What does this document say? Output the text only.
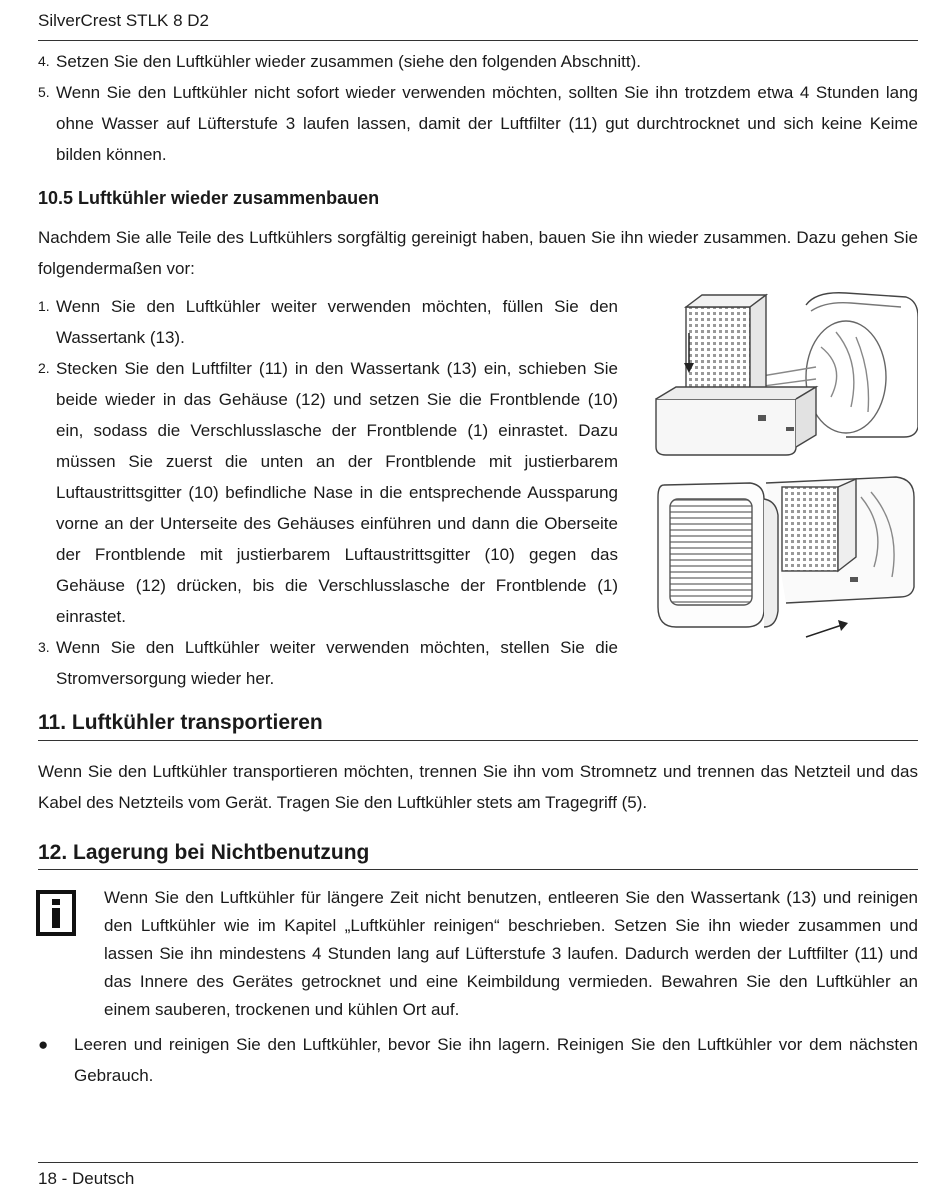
SilverCrest STLK 8 D2
4. Setzen Sie den Luftkühler wieder zusammen (siehe den folgenden Abschnitt).
5. Wenn Sie den Luftkühler nicht sofort wieder verwenden möchten, sollten Sie ihn trotzdem etwa 4 Stunden lang ohne Wasser auf Lüfterstufe 3 laufen lassen, damit der Luftfilter (11) gut durchtrocknet und sich keine Keime bilden können.
10.5 Luftkühler wieder zusammenbauen

Nachdem Sie alle Teile des Luftkühlers sorgfältig gereinigt haben, bauen Sie ihn wieder zusammen. Dazu gehen Sie folgendermaßen vor:

1. Wenn Sie den Luftkühler weiter verwenden möchten, füllen Sie den Wassertank (13).
2. Stecken Sie den Luftfilter (11) in den Wassertank (13) ein, schieben Sie beide wieder in das Gehäuse (12) und setzen Sie die Frontblende (10) ein, sodass die Verschlusslasche der Frontblende (1) einrastet. Dazu müssen Sie zuerst die unten an der Frontblende mit justierbarem Luftaustrittsgitter (10) befindliche Nase in die entsprechende Aussparung vorne an der Unterseite des Gehäuses einführen und dann die Oberseite der Frontblende mit justierbarem Luftaustrittsgitter (10) gegen das Gehäuse (12) drücken, bis die Verschlusslasche der Frontblende (1) einrastet.
3. Wenn Sie den Luftkühler weiter verwenden möchten, stellen Sie die Stromversorgung wieder her.
11. Luftkühler transportieren

Wenn Sie den Luftkühler transportieren möchten, trennen Sie ihn vom Stromnetz und trennen das Netzteil und das Kabel des Netzteils vom Gerät. Tragen Sie den Luftkühler stets am Tragegriff (5).

12. Lagerung bei Nichtbenutzung
Wenn Sie den Luftkühler für längere Zeit nicht benutzen, entleeren Sie den Wassertank (13) und reinigen den Luftkühler wie im Kapitel „Luftkühler reinigen“ beschrieben. Setzen Sie ihn wieder zusammen und lassen Sie ihn mindestens 4 Stunden lang auf Lüfterstufe 3 laufen. Dadurch werden der Luftfilter (11) und das Innere des Gerätes getrocknet und eine Keimbildung vermieden. Bewahren Sie den Luftkühler an einem sauberen, trockenen und kühlen Ort auf.
● Leeren und reinigen Sie den Luftkühler, bevor Sie ihn lagern. Reinigen Sie den Luftkühler vor dem nächsten Gebrauch.
18 - Deutsch
